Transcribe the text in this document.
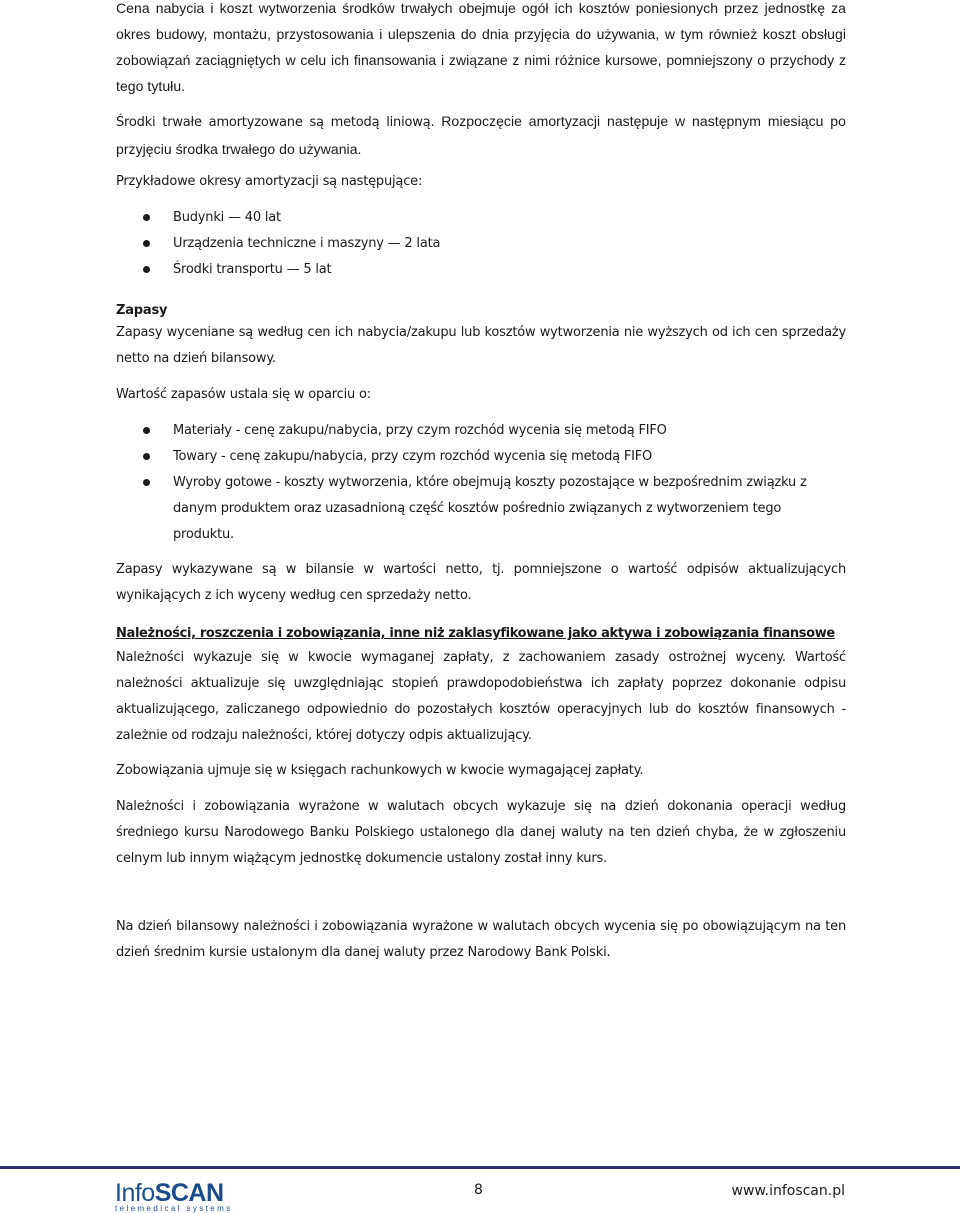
Cena nabycia i koszt wytworzenia środków trwałych obejmuje ogół ich kosztów poniesionych przez jednostkę za okres budowy, montażu, przystosowania i ulepszenia do dnia przyjęcia do używania, w tym również koszt obsługi zobowiązań zaciągniętych w celu ich finansowania i związane z nimi różnice kursowe, pomniejszony o przychody z tego tytułu.

Środki trwałe amortyzowane są metodą liniową. Rozpoczęcie amortyzacji następuje w następnym miesiącu po przyjęciu środka trwałego do używania.

Przykładowe okresy amortyzacji są następujące:

Budynki — 40 lat
Urządzenia techniczne i maszyny — 2 lata
Środki transportu — 5 lat

Zapasy

Zapasy wyceniane są według cen ich nabycia/zakupu lub kosztów wytworzenia nie wyższych od ich cen sprzedaży netto na dzień bilansowy.

Wartość zapasów ustala się w oparciu o:

Materiały - cenę zakupu/nabycia, przy czym rozchód wycenia się metodą FIFO
Towary - cenę zakupu/nabycia, przy czym rozchód wycenia się metodą FIFO
Wyroby gotowe - koszty wytworzenia, które obejmują koszty pozostające w bezpośrednim związku z danym produktem oraz uzasadnioną część kosztów pośrednio związanych z wytworzeniem tego produktu.

Zapasy wykazywane są w bilansie w wartości netto, tj. pomniejszone o wartość odpisów aktualizujących wynikających z ich wyceny według cen sprzedaży netto.

Należności, roszczenia i zobowiązania, inne niż zaklasyfikowane jako aktywa i zobowiązania finansowe

Należności wykazuje się w kwocie wymaganej zapłaty, z zachowaniem zasady ostrożnej wyceny. Wartość należności aktualizuje się uwzględniając stopień prawdopodobieństwa ich zapłaty poprzez dokonanie odpisu aktualizującego, zaliczanego odpowiednio do pozostałych kosztów operacyjnych lub do kosztów finansowych - zależnie od rodzaju należności, której dotyczy odpis aktualizujący.

Zobowiązania ujmuje się w księgach rachunkowych w kwocie wymagającej zapłaty.

Należności i zobowiązania wyrażone w walutach obcych wykazuje się na dzień dokonania operacji według średniego kursu Narodowego Banku Polskiego ustalonego dla danej waluty na ten dzień chyba, że w zgłoszeniu celnym lub innym wiążącym jednostkę dokumencie ustalony został inny kurs.

Na dzień bilansowy należności i zobowiązania wyrażone w walutach obcych wycenia się po obowiązującym na ten dzień średnim kursie ustalonym dla danej waluty przez Narodowy Bank Polski.

InfoSCAN
telemedical systems
8	www.infoscan.pl
